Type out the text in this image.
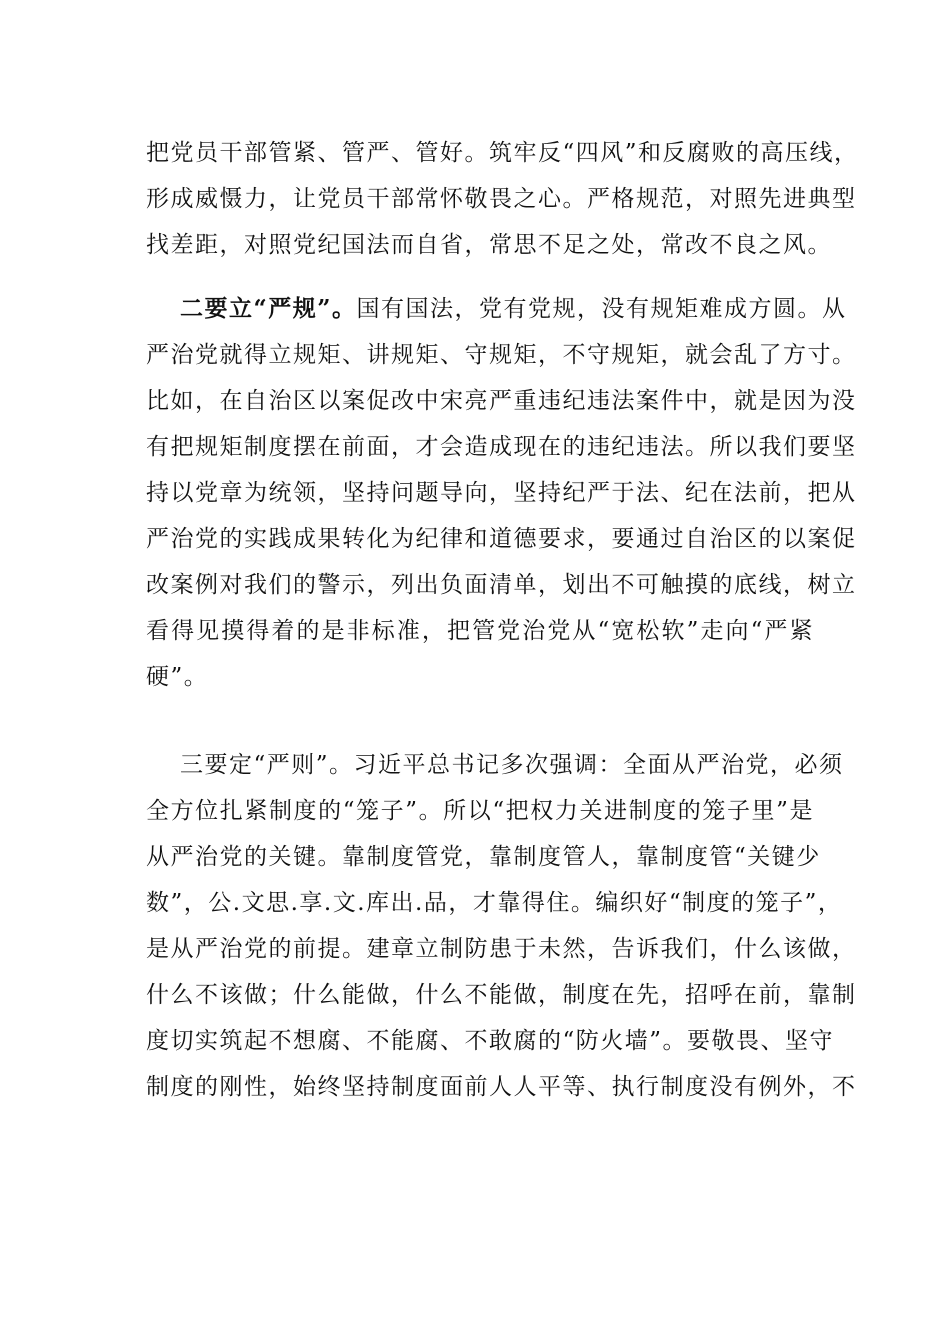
把党员干部管紧、管严、管好。筑牢反“四风”和反腐败的高压线，
形成威慑力，让党员干部常怀敬畏之心。严格规范，对照先进典型
找差距，对照党纪国法而自省，常思不足之处，常改不良之风。
二要立“严规”。国有国法，党有党规，没有规矩难成方圆。从
严治党就得立规矩、讲规矩、守规矩，不守规矩，就会乱了方寸。
比如，在自治区以案促改中宋亮严重违纪违法案件中，就是因为没
有把规矩制度摆在前面，才会造成现在的违纪违法。所以我们要坚
持以党章为统领，坚持问题导向，坚持纪严于法、纪在法前，把从
严治党的实践成果转化为纪律和道德要求，要通过自治区的以案促
改案例对我们的警示，列出负面清单，划出不可触摸的底线，树立
看得见摸得着的是非标准，把管党治党从“宽松软”走向“严紧
硬”。
三要定“严则”。习近平总书记多次强调：全面从严治党，必须
全方位扎紧制度的“笼子”。所以“把权力关进制度的笼子里”是
从严治党的关键。靠制度管党，靠制度管人，靠制度管“关键少
数”，公.文思.享.文.库出.品，才靠得住。编织好“制度的笼子”，
是从严治党的前提。建章立制防患于未然，告诉我们，什么该做，
什么不该做；什么能做，什么不能做，制度在先，招呼在前，靠制
度切实筑起不想腐、不能腐、不敢腐的“防火墙”。要敬畏、坚守
制度的刚性，始终坚持制度面前人人平等、执行制度没有例外，不
